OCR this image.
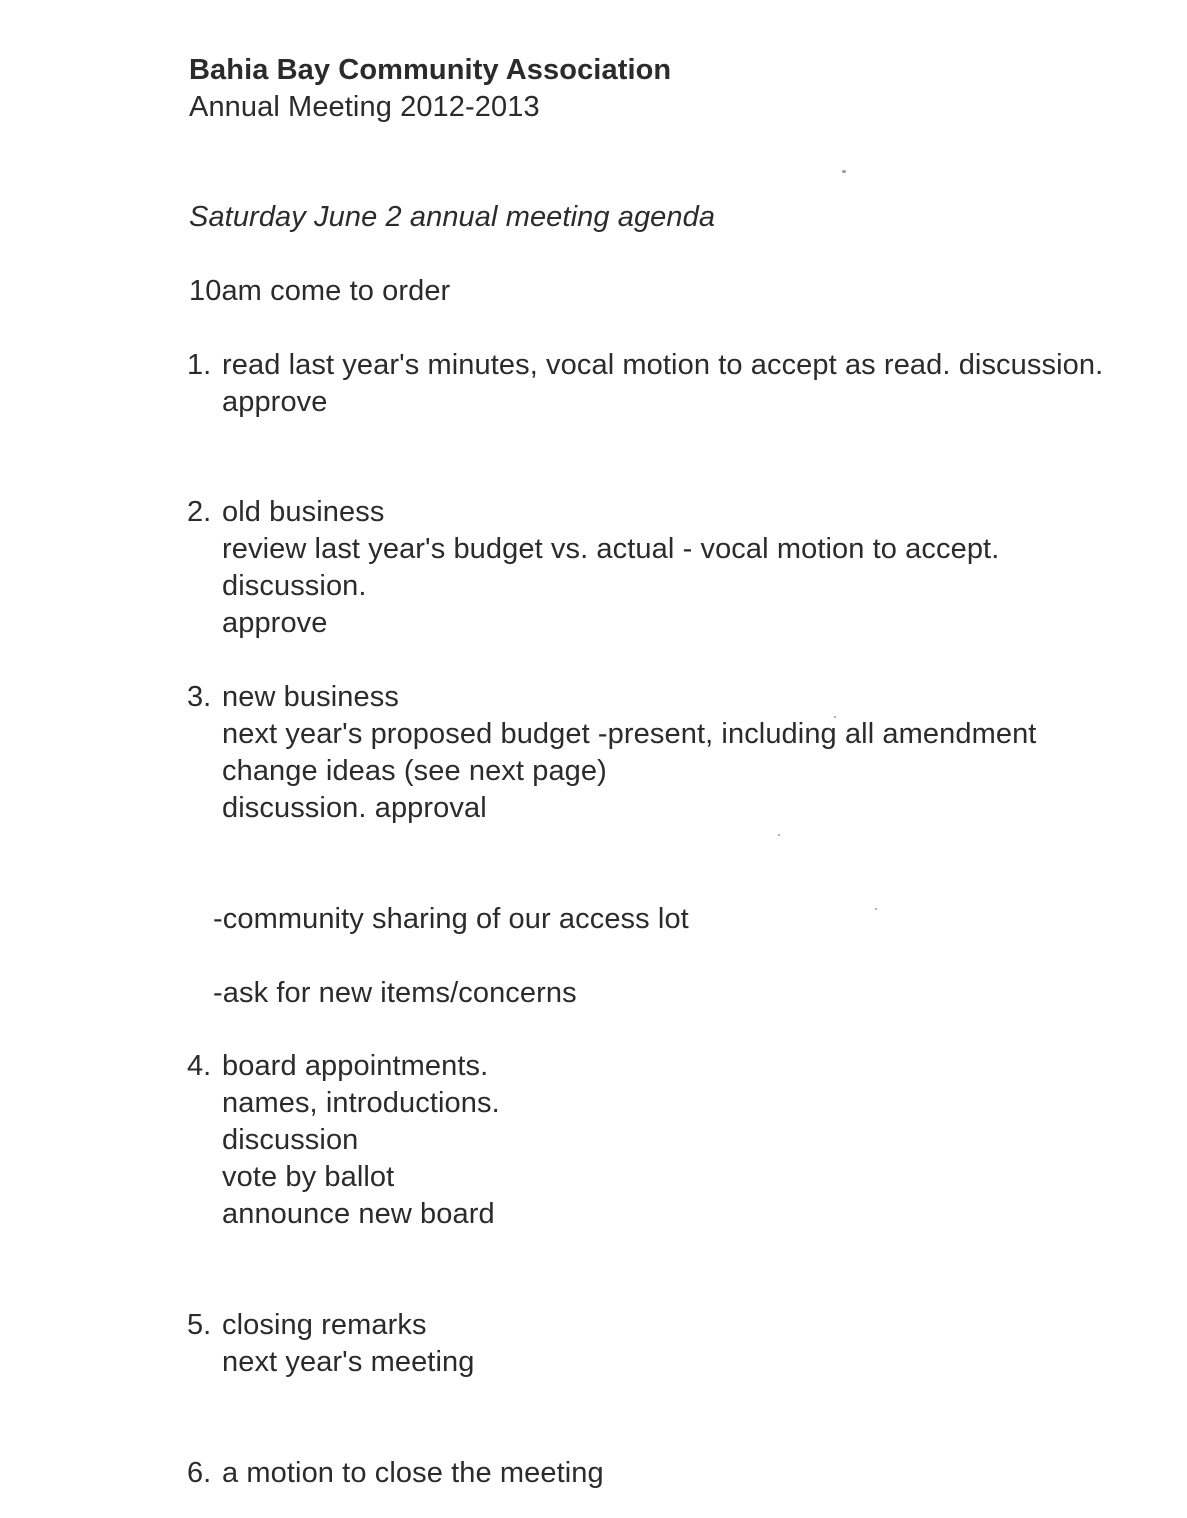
Bahia Bay Community Association
Annual Meeting 2012-2013
Saturday June 2 annual meeting agenda
10am come to order
1. read last year's minutes, vocal motion to accept as read. discussion.
approve
2. old business
review last year's budget vs. actual - vocal motion to accept.
discussion.
approve
3. new business
next year's proposed budget -present, including all amendment
change ideas (see next page)
discussion. approval
-community sharing of our access lot
-ask for new items/concerns
4. board appointments.
names, introductions.
discussion
vote by ballot
announce new board
5. closing remarks
next year's meeting
6. a motion to close the meeting
